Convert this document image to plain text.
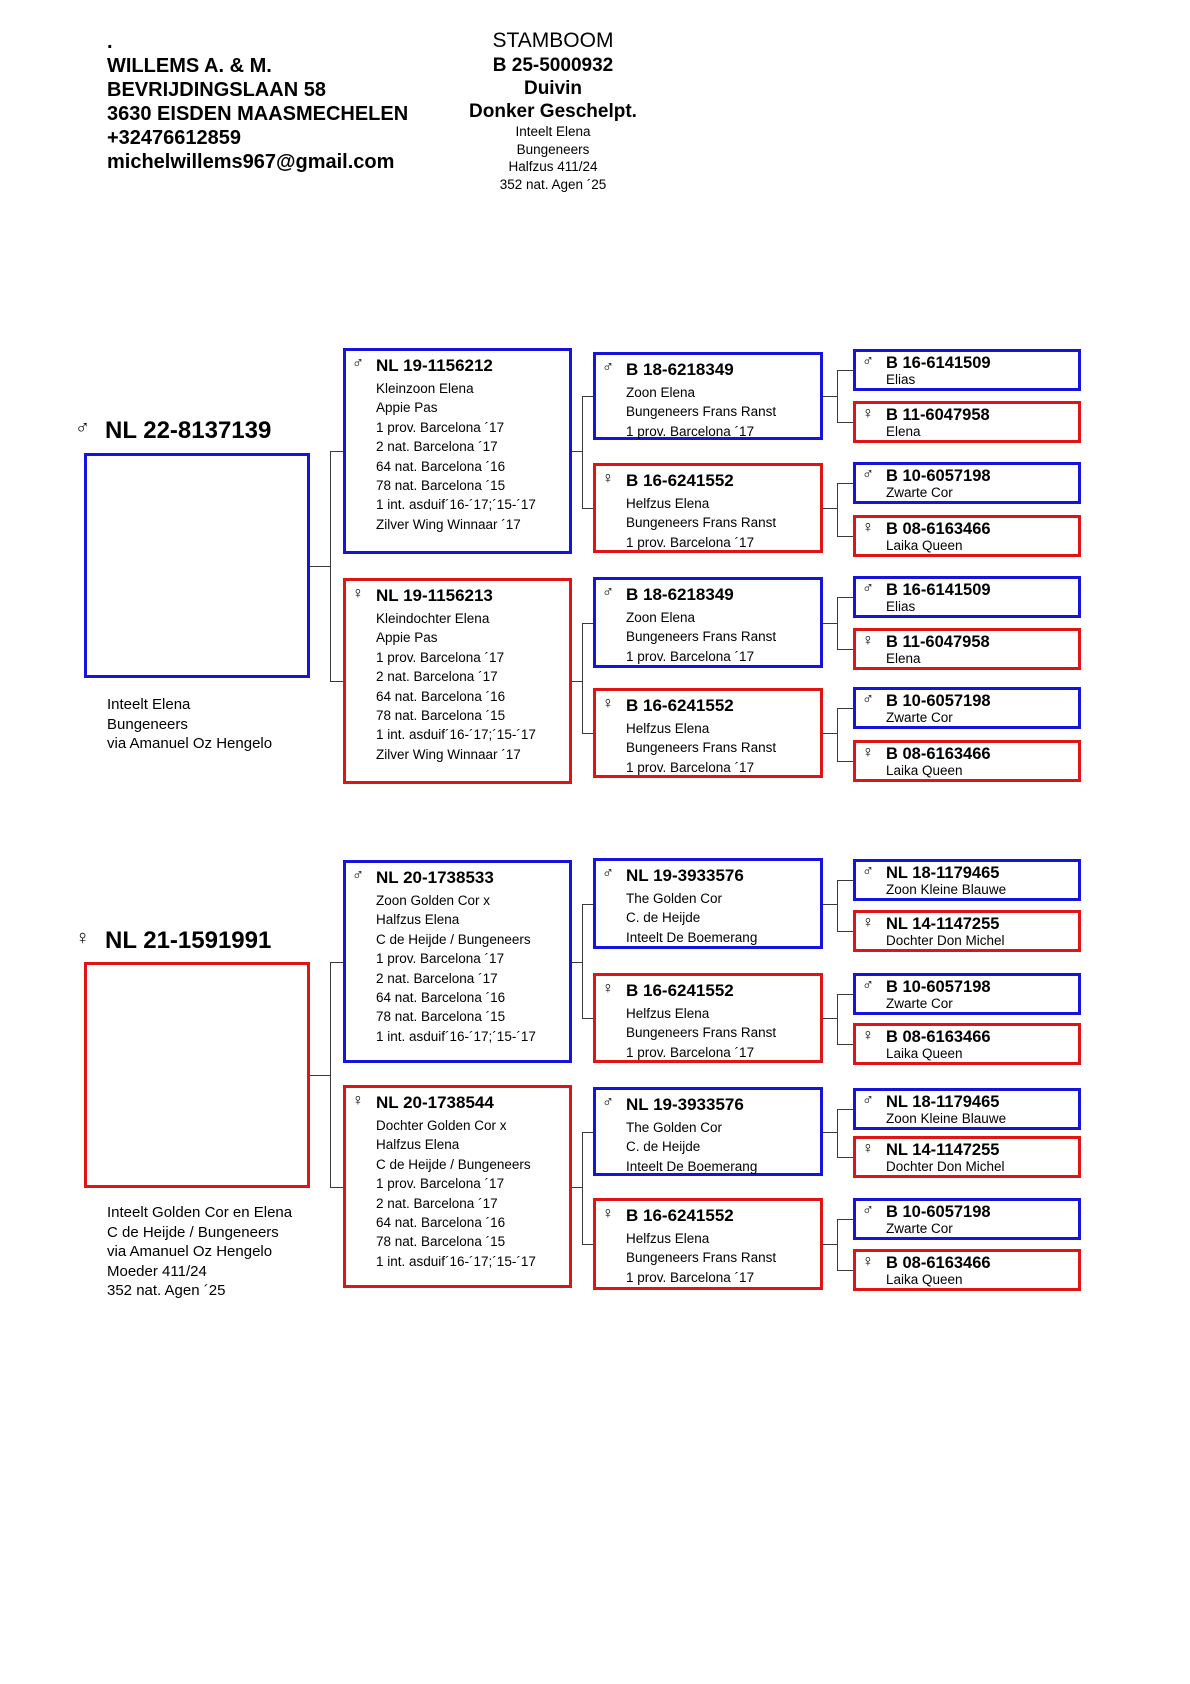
.
WILLEMS A. & M.
BEVRIJDINGSLAAN 58
3630 EISDEN MAASMECHELEN
+32476612859
michelwillems967@gmail.com
STAMBOOM
B 25-5000932
Duivin
Donker Geschelpt.
Inteelt Elena
Bungeneers
Halfzus 411/24
352 nat. Agen ´25
♂ NL 22-8137139
Inteelt Elena
Bungeneers
via Amanuel Oz Hengelo
♀ NL 21-1591991
Inteelt Golden Cor en Elena
C de Heijde / Bungeneers
via Amanuel Oz Hengelo
Moeder 411/24
352 nat. Agen ´25
♂ NL 19-1156212
Kleinzoon Elena
Appie Pas
1 prov. Barcelona ´17
2 nat. Barcelona ´17
64 nat. Barcelona ´16
78 nat. Barcelona ´15
1 int. asduif´16-´17;´15-´17
Zilver Wing Winnaar ´17
♀ NL 19-1156213
Kleindochter Elena
Appie Pas
1 prov. Barcelona ´17
2 nat. Barcelona ´17
64 nat. Barcelona ´16
78 nat. Barcelona ´15
1 int. asduif´16-´17;´15-´17
Zilver Wing Winnaar ´17
♂ NL 20-1738533
Zoon Golden Cor x
Halfzus Elena
C de Heijde / Bungeneers
1 prov. Barcelona ´17
2 nat. Barcelona ´17
64 nat. Barcelona ´16
78 nat. Barcelona ´15
1 int. asduif´16-´17;´15-´17
♀ NL 20-1738544
Dochter Golden Cor x
Halfzus Elena
C de Heijde / Bungeneers
1 prov. Barcelona ´17
2 nat. Barcelona ´17
64 nat. Barcelona ´16
78 nat. Barcelona ´15
1 int. asduif´16-´17;´15-´17
♂ B 18-6218349
Zoon Elena
Bungeneers Frans Ranst
1 prov. Barcelona ´17
♀ B 16-6241552
Helfzus Elena
Bungeneers Frans Ranst
1 prov. Barcelona ´17
♂ B 18-6218349
Zoon Elena
Bungeneers Frans Ranst
1 prov. Barcelona ´17
♀ B 16-6241552
Helfzus Elena
Bungeneers Frans Ranst
1 prov. Barcelona ´17
♂ NL 19-3933576
The Golden Cor
C. de Heijde
Inteelt De Boemerang
♀ B 16-6241552
Helfzus Elena
Bungeneers Frans Ranst
1 prov. Barcelona ´17
♂ NL 19-3933576
The Golden Cor
C. de Heijde
Inteelt De Boemerang
♀ B 16-6241552
Helfzus Elena
Bungeneers Frans Ranst
1 prov. Barcelona ´17
♂ B 16-6141509
Elias
♀ B 11-6047958
Elena
♂ B 10-6057198
Zwarte Cor
♀ B 08-6163466
Laika Queen
♂ B 16-6141509
Elias
♀ B 11-6047958
Elena
♂ B 10-6057198
Zwarte Cor
♀ B 08-6163466
Laika Queen
♂ NL 18-1179465
Zoon Kleine Blauwe
♀ NL 14-1147255
Dochter Don Michel
♂ B 10-6057198
Zwarte Cor
♀ B 08-6163466
Laika Queen
♂ NL 18-1179465
Zoon Kleine Blauwe
♀ NL 14-1147255
Dochter Don Michel
♂ B 10-6057198
Zwarte Cor
♀ B 08-6163466
Laika Queen
